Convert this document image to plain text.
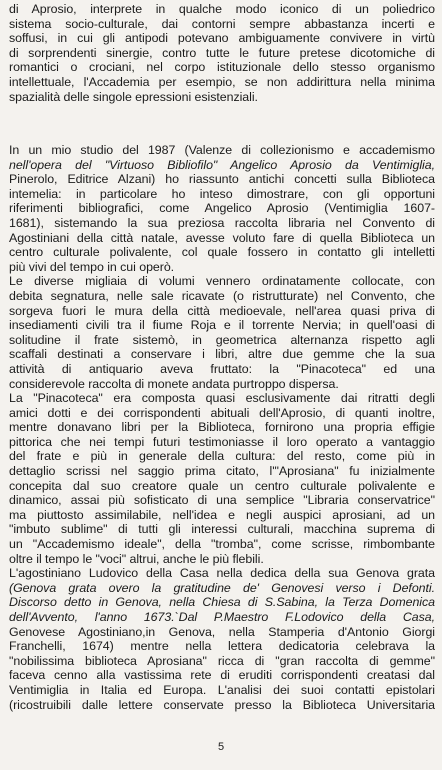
di Aprosio, interprete in qualche modo iconico di un poliedrico
sistema socio-culturale, dai contorni sempre abbastanza incerti e
soffusi, in cui gli antipodi potevano ambiguamente convivere in virtù
di sorprendenti sinergie, contro tutte le future pretese dicotomiche di
romantici o crociani, nel corpo istituzionale dello stesso organismo
intellettuale, l'Accademia per esempio, se non addirittura nella minima
spazialità delle singole epressioni esistenziali.
In un mio studio del 1987 (Valenze di collezionismo e accademismo
nell'opera del "Virtuoso Bibliofilo" Angelico Aprosio da Ventimiglia,
Pinerolo, Editrice Alzani) ho riassunto antichi concetti sulla Biblioteca
intemelia: in particolare ho inteso dimostrare, con gli opportuni
riferimenti bibliografici, come Angelico Aprosio (Ventimiglia 1607-
1681), sistemando la sua preziosa raccolta libraria nel Convento di
Agostiniani della città natale, avesse voluto fare di quella Biblioteca un
centro culturale polivalente, col quale fossero in contatto gli intelletti
più vivi del tempo in cui operò.
Le diverse migliaia di volumi vennero ordinatamente collocate, con
debita segnatura, nelle sale ricavate (o ristrutturate) nel Convento, che
sorgeva fuori le mura della città medioevale, nell'area quasi priva di
insediamenti civili tra il fiume Roja e il torrente Nervia; in quell'oasi di
solitudine il frate sistemò, in geometrica alternanza rispetto agli
scaffali destinati a conservare i libri, altre due gemme che la sua
attività di antiquario aveva fruttato: la "Pinacoteca" ed una
considerevole raccolta di monete andata purtroppo dispersa.
La "Pinacoteca" era composta quasi esclusivamente dai ritratti degli
amici dotti e dei corrispondenti abituali dell'Aprosio, di quanti inoltre,
mentre donavano libri per la Biblioteca, fornirono una propria effigie
pittorica che nei tempi futuri testimoniasse il loro operato a vantaggio
del frate e più in generale della cultura: del resto, come più in
dettaglio scrissi nel saggio prima citato, l'"Aprosiana" fu inizialmente
concepita dal suo creatore quale un centro culturale polivalente e
dinamico, assai più sofisticato di una semplice "Libraria conservatrice"
ma piuttosto assimilabile, nell'idea e negli auspici aprosiani, ad un
"imbuto sublime" di tutti gli interessi culturali, macchina suprema di
un "Accademismo ideale", della "tromba", come scrisse, rimbombante
oltre il tempo le "voci" altrui, anche le più flebili.
L'agostiniano Ludovico della Casa nella dedica della sua Genova grata
(Genova grata overo la gratitudine de' Genovesi verso i Defonti.
Discorso detto in Genova, nella Chiesa di S.Sabina, la Terza Domenica
dell'Avvento, l'anno 1673.`Dal P.Maestro F.Lodovico della Casa,
Genovese Agostiniano,in Genova, nella Stamperia d'Antonio Giorgi
Franchelli, 1674) mentre nella lettera dedicatoria celebrava la
"nobilissima biblioteca Aprosiana" ricca di "gran raccolta di gemme"
faceva cenno alla vastissima rete di eruditi corrispondenti creatasi dal
Ventimiglia in Italia ed Europa. L'analisi dei suoi contatti epistolari
(ricostruibili dalle lettere conservate presso la Biblioteca Universitaria
5
